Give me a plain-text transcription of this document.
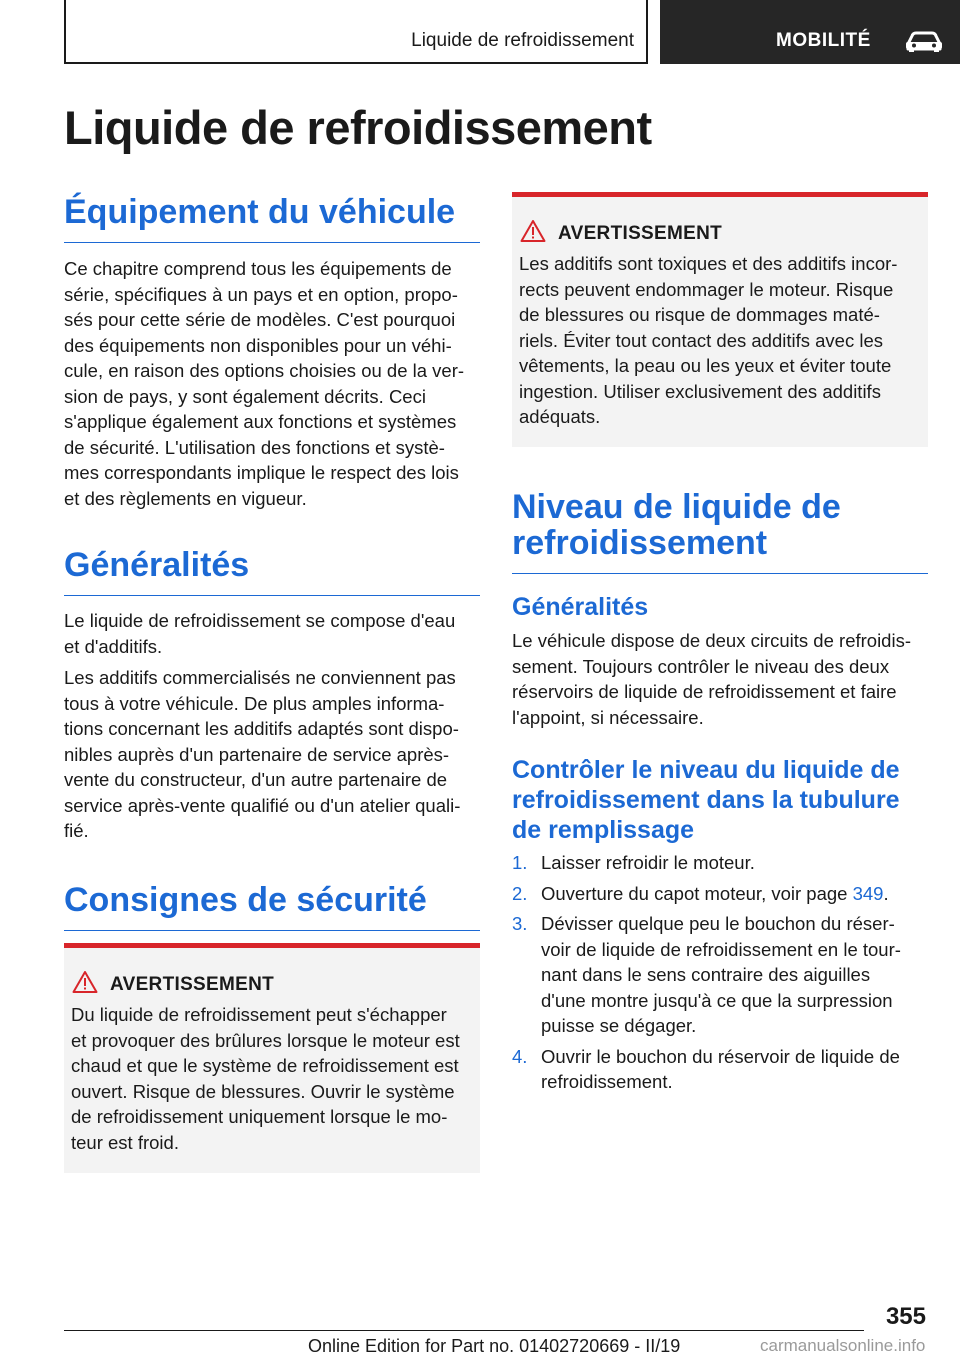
Liquide de refroidissement	MOBILITÉ
Liquide de refroidissement
Équipement du véhicule

Ce chapitre comprend tous les équipements de
série, spécifiques à un pays et en option, propo-
sés pour cette série de modèles. C'est pourquoi
des équipements non disponibles pour un véhi-
cule, en raison des options choisies ou de la ver-
sion de pays, y sont également décrits. Ceci
s'applique également aux fonctions et systèmes
de sécurité. L'utilisation des fonctions et systè-
mes correspondants implique le respect des lois
et des règlements en vigueur.

Généralités

Le liquide de refroidissement se compose d'eau
et d'additifs.

Les additifs commercialisés ne conviennent pas
tous à votre véhicule. De plus amples informa-
tions concernant les additifs adaptés sont dispo-
nibles auprès d'un partenaire de service après-
vente du constructeur, d'un autre partenaire de
service après-vente qualifié ou d'un atelier quali-
fié.

Consignes de sécurité
AVERTISSEMENT

Du liquide de refroidissement peut s'échapper
et provoquer des brûlures lorsque le moteur est
chaud et que le système de refroidissement est
ouvert. Risque de blessures. Ouvrir le système
de refroidissement uniquement lorsque le mo-
teur est froid.

AVERTISSEMENT

Les additifs sont toxiques et des additifs incor-
rects peuvent endommager le moteur. Risque
de blessures ou risque de dommages maté-
riels. Éviter tout contact des additifs avec les
vêtements, la peau ou les yeux et éviter toute
ingestion. Utiliser exclusivement des additifs
adéquats.

Niveau de liquide de
refroidissement
Généralités

Le véhicule dispose de deux circuits de refroidis-
sement. Toujours contrôler le niveau des deux
réservoirs de liquide de refroidissement et faire
l'appoint, si nécessaire.

Contrôler le niveau du liquide de
refroidissement dans la tubulure
de remplissage
1. Laisser refroidir le moteur.
2. Ouverture du capot moteur, voir page 349.
3. Dévisser quelque peu le bouchon du réser-
voir de liquide de refroidissement en le tour-
nant dans le sens contraire des aiguilles
d'une montre jusqu'à ce que la surpression
puisse se dégager.
4. Ouvrir le bouchon du réservoir de liquide de
refroidissement.
355
Online Edition for Part no. 01402720669 - II/19	carmanualsonline.info
